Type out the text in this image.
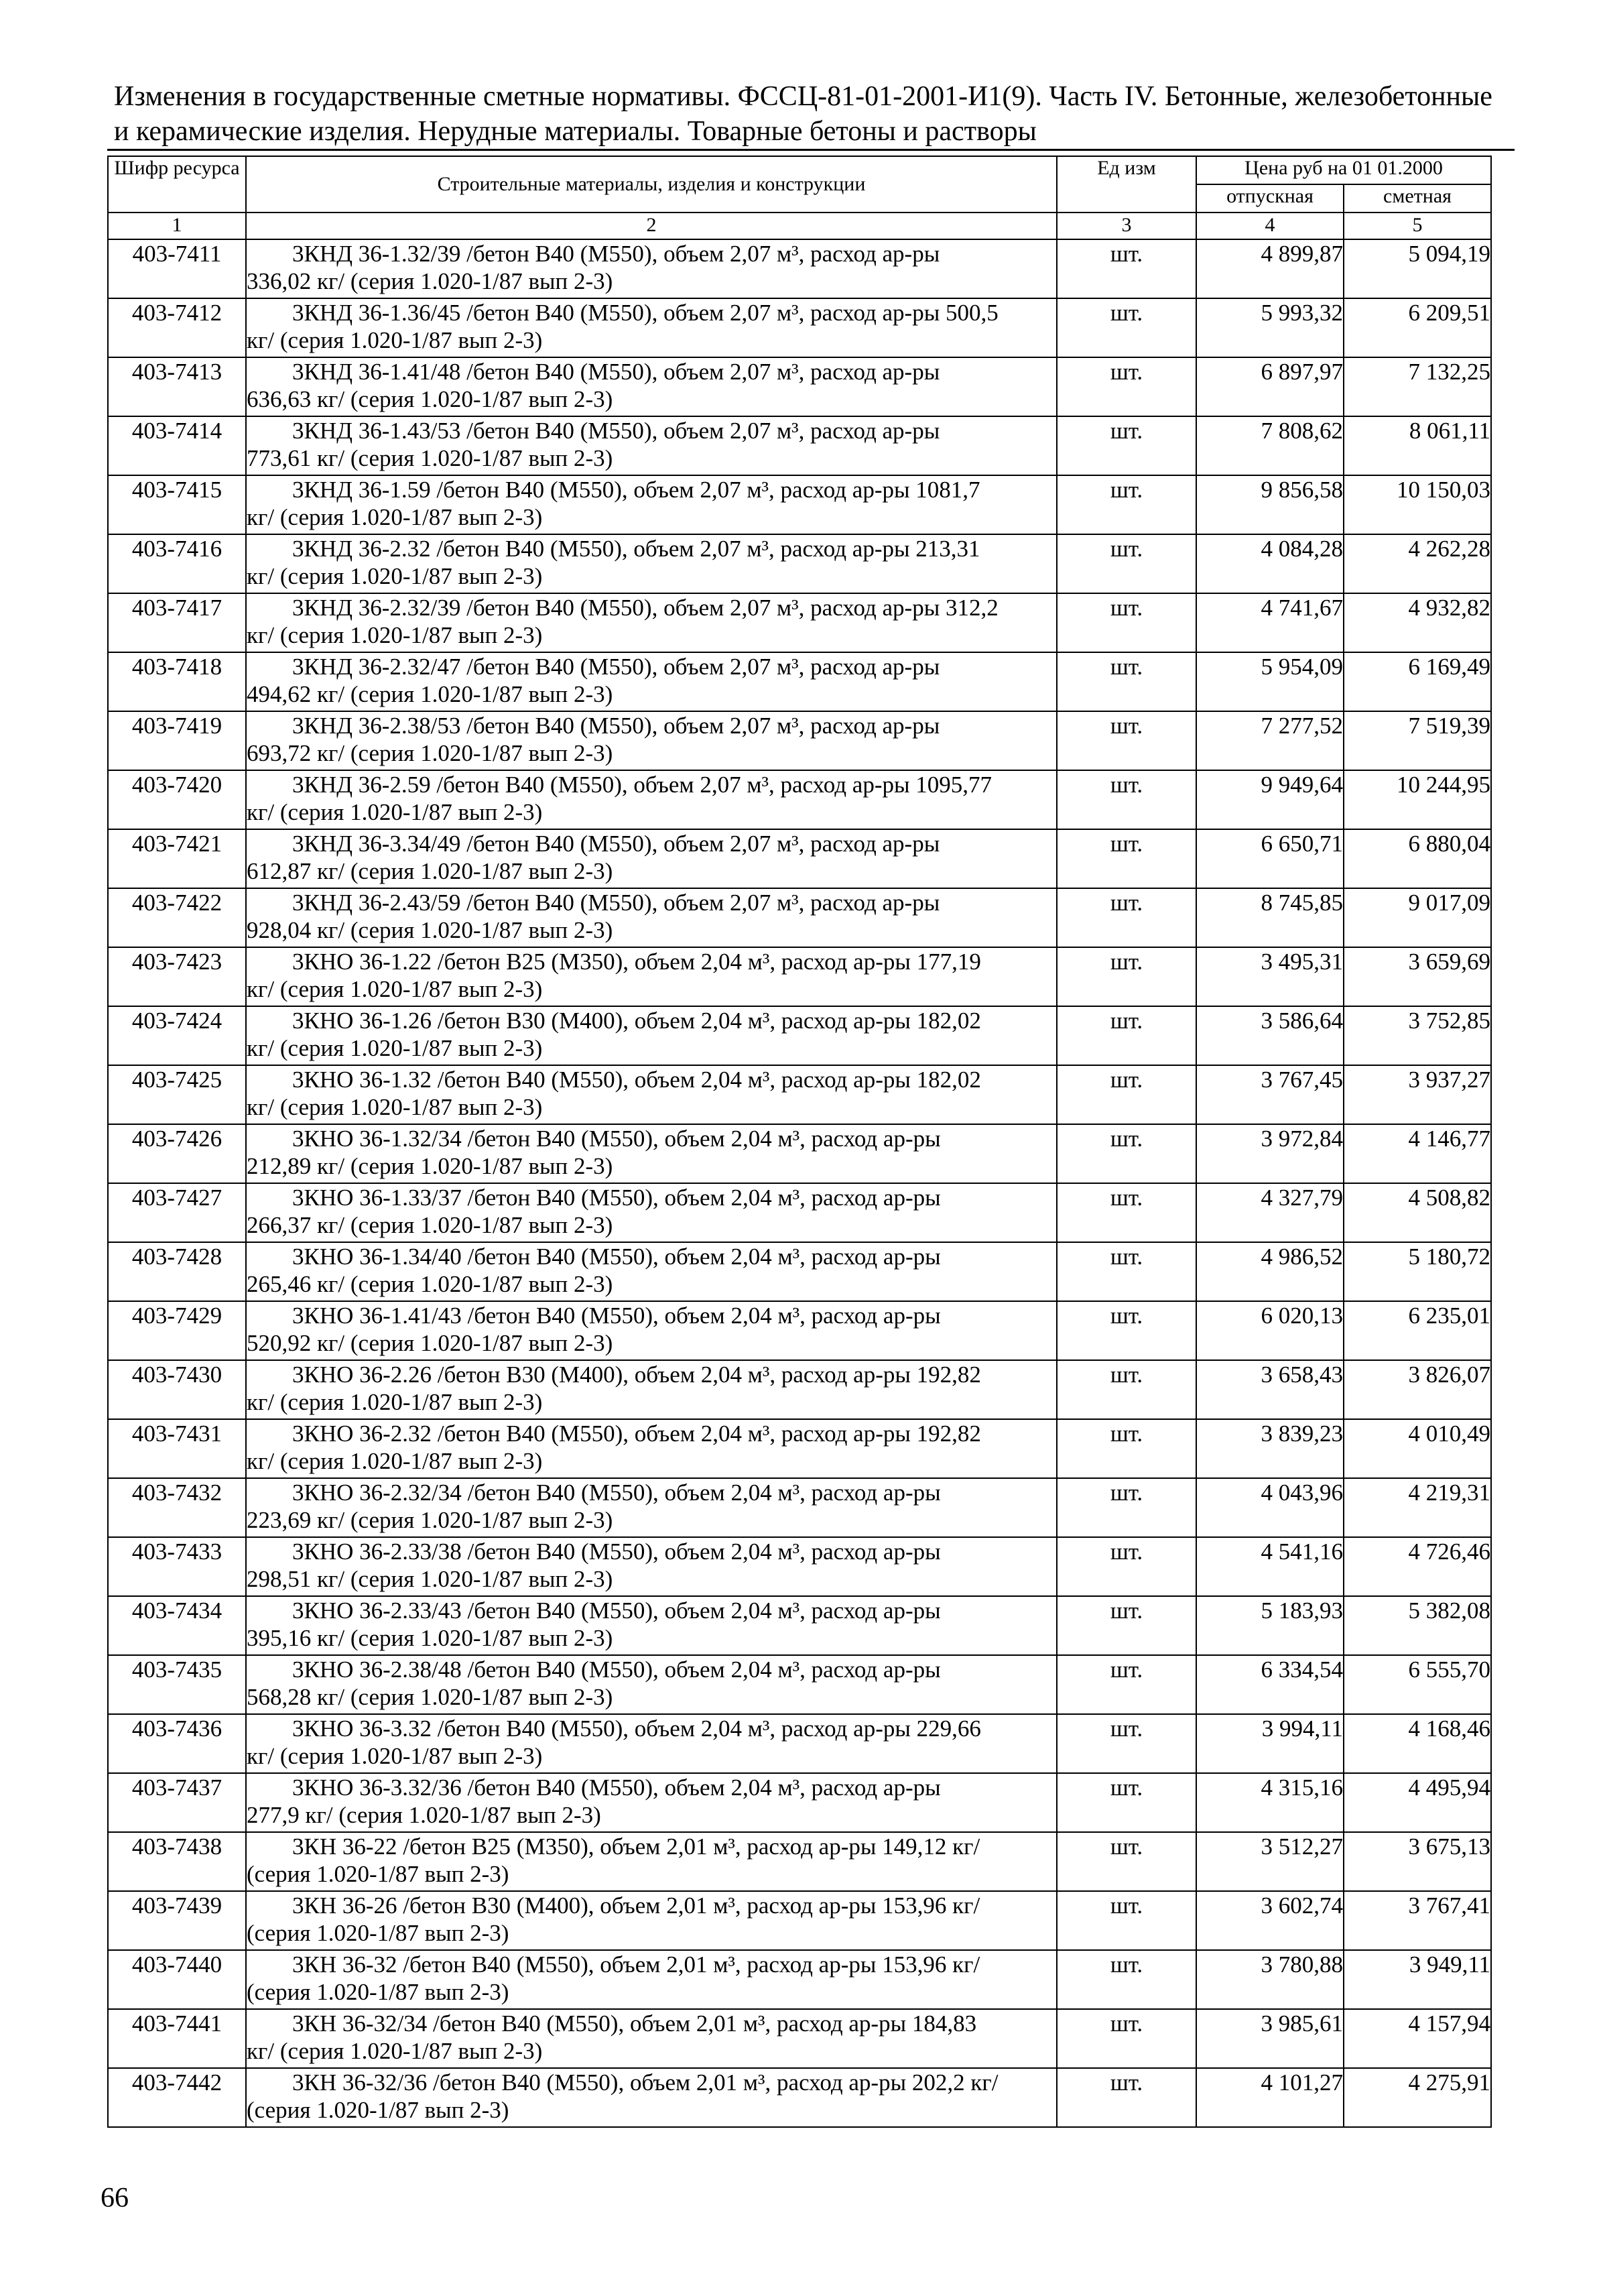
Изменения в государственные сметные нормативы. ФССЦ-81-01-2001-И1(9). Часть IV. Бетонные, железобетонные и керамические изделия. Нерудные материалы. Товарные бетоны и растворы
Шифр ресурса	Строительные материалы, изделия и конструкции	Ед изм	Цена руб на 01 01.2000	
			отпускная	сметная
1	2	3	4	5
403-7411	3КНД 36-1.32/39 /бетон В40 (М550), объем 2,07 м³, расход ар-ры
336,02 кг/ (серия 1.020-1/87 вып 2-3)	шт.	4 899,87	5 094,19
403-7412	3КНД 36-1.36/45 /бетон В40 (М550), объем 2,07 м³, расход ар-ры 500,5
кг/ (серия 1.020-1/87 вып 2-3)	шт.	5 993,32	6 209,51
403-7413	3КНД 36-1.41/48 /бетон В40 (М550), объем 2,07 м³, расход ар-ры
636,63 кг/ (серия 1.020-1/87 вып 2-3)	шт.	6 897,97	7 132,25
403-7414	3КНД 36-1.43/53 /бетон В40 (М550), объем 2,07 м³, расход ар-ры
773,61 кг/ (серия 1.020-1/87 вып 2-3)	шт.	7 808,62	8 061,11
403-7415	3КНД 36-1.59 /бетон В40 (М550), объем 2,07 м³, расход ар-ры 1081,7
кг/ (серия 1.020-1/87 вып 2-3)	шт.	9 856,58	10 150,03
403-7416	3КНД 36-2.32 /бетон В40 (М550), объем 2,07 м³, расход ар-ры 213,31
кг/ (серия 1.020-1/87 вып 2-3)	шт.	4 084,28	4 262,28
403-7417	3КНД 36-2.32/39 /бетон В40 (М550), объем 2,07 м³, расход ар-ры 312,2
кг/ (серия 1.020-1/87 вып 2-3)	шт.	4 741,67	4 932,82
403-7418	3КНД 36-2.32/47 /бетон В40 (М550), объем 2,07 м³, расход ар-ры
494,62 кг/ (серия 1.020-1/87 вып 2-3)	шт.	5 954,09	6 169,49
403-7419	3КНД 36-2.38/53 /бетон В40 (М550), объем 2,07 м³, расход ар-ры
693,72 кг/ (серия 1.020-1/87 вып 2-3)	шт.	7 277,52	7 519,39
403-7420	3КНД 36-2.59 /бетон В40 (М550), объем 2,07 м³, расход ар-ры 1095,77
кг/ (серия 1.020-1/87 вып 2-3)	шт.	9 949,64	10 244,95
403-7421	3КНД 36-3.34/49 /бетон В40 (М550), объем 2,07 м³, расход ар-ры
612,87 кг/ (серия 1.020-1/87 вып 2-3)	шт.	6 650,71	6 880,04
403-7422	3КНД 36-2.43/59 /бетон В40 (М550), объем 2,07 м³, расход ар-ры
928,04 кг/ (серия 1.020-1/87 вып 2-3)	шт.	8 745,85	9 017,09
403-7423	3КНО 36-1.22 /бетон В25 (М350), объем 2,04 м³, расход ар-ры 177,19
кг/ (серия 1.020-1/87 вып 2-3)	шт.	3 495,31	3 659,69
403-7424	3КНО 36-1.26 /бетон В30 (М400), объем 2,04 м³, расход ар-ры 182,02
кг/ (серия 1.020-1/87 вып 2-3)	шт.	3 586,64	3 752,85
403-7425	3КНО 36-1.32 /бетон В40 (М550), объем 2,04 м³, расход ар-ры 182,02
кг/ (серия 1.020-1/87 вып 2-3)	шт.	3 767,45	3 937,27
403-7426	3КНО 36-1.32/34 /бетон В40 (М550), объем 2,04 м³, расход ар-ры
212,89 кг/ (серия 1.020-1/87 вып 2-3)	шт.	3 972,84	4 146,77
403-7427	3КНО 36-1.33/37 /бетон В40 (М550), объем 2,04 м³, расход ар-ры
266,37 кг/ (серия 1.020-1/87 вып 2-3)	шт.	4 327,79	4 508,82
403-7428	3КНО 36-1.34/40 /бетон В40 (М550), объем 2,04 м³, расход ар-ры
265,46 кг/ (серия 1.020-1/87 вып 2-3)	шт.	4 986,52	5 180,72
403-7429	3КНО 36-1.41/43 /бетон В40 (М550), объем 2,04 м³, расход ар-ры
520,92 кг/ (серия 1.020-1/87 вып 2-3)	шт.	6 020,13	6 235,01
403-7430	3КНО 36-2.26 /бетон В30 (М400), объем 2,04 м³, расход ар-ры 192,82
кг/ (серия 1.020-1/87 вып 2-3)	шт.	3 658,43	3 826,07
403-7431	3КНО 36-2.32 /бетон В40 (М550), объем 2,04 м³, расход ар-ры 192,82
кг/ (серия 1.020-1/87 вып 2-3)	шт.	3 839,23	4 010,49
403-7432	3КНО 36-2.32/34 /бетон В40 (М550), объем 2,04 м³, расход ар-ры
223,69 кг/ (серия 1.020-1/87 вып 2-3)	шт.	4 043,96	4 219,31
403-7433	3КНО 36-2.33/38 /бетон В40 (М550), объем 2,04 м³, расход ар-ры
298,51 кг/ (серия 1.020-1/87 вып 2-3)	шт.	4 541,16	4 726,46
403-7434	3КНО 36-2.33/43 /бетон В40 (М550), объем 2,04 м³, расход ар-ры
395,16 кг/ (серия 1.020-1/87 вып 2-3)	шт.	5 183,93	5 382,08
403-7435	3КНО 36-2.38/48 /бетон В40 (М550), объем 2,04 м³, расход ар-ры
568,28 кг/ (серия 1.020-1/87 вып 2-3)	шт.	6 334,54	6 555,70
403-7436	3КНО 36-3.32 /бетон В40 (М550), объем 2,04 м³, расход ар-ры 229,66
кг/ (серия 1.020-1/87 вып 2-3)	шт.	3 994,11	4 168,46
403-7437	3КНО 36-3.32/36 /бетон В40 (М550), объем 2,04 м³, расход ар-ры
277,9 кг/ (серия 1.020-1/87 вып 2-3)	шт.	4 315,16	4 495,94
403-7438	3КН 36-22 /бетон В25 (М350), объем 2,01 м³, расход ар-ры 149,12 кг/
(серия 1.020-1/87 вып 2-3)	шт.	3 512,27	3 675,13
403-7439	3КН 36-26 /бетон В30 (М400), объем 2,01 м³, расход ар-ры 153,96 кг/
(серия 1.020-1/87 вып 2-3)	шт.	3 602,74	3 767,41
403-7440	3КН 36-32 /бетон В40 (М550), объем 2,01 м³, расход ар-ры 153,96 кг/
(серия 1.020-1/87 вып 2-3)	шт.	3 780,88	3 949,11
403-7441	3КН 36-32/34 /бетон В40 (М550), объем 2,01 м³, расход ар-ры 184,83
кг/ (серия 1.020-1/87 вып 2-3)	шт.	3 985,61	4 157,94
403-7442	3КН 36-32/36 /бетон В40 (М550), объем 2,01 м³, расход ар-ры 202,2 кг/
(серия 1.020-1/87 вып 2-3)	шт.	4 101,27	4 275,91
66
